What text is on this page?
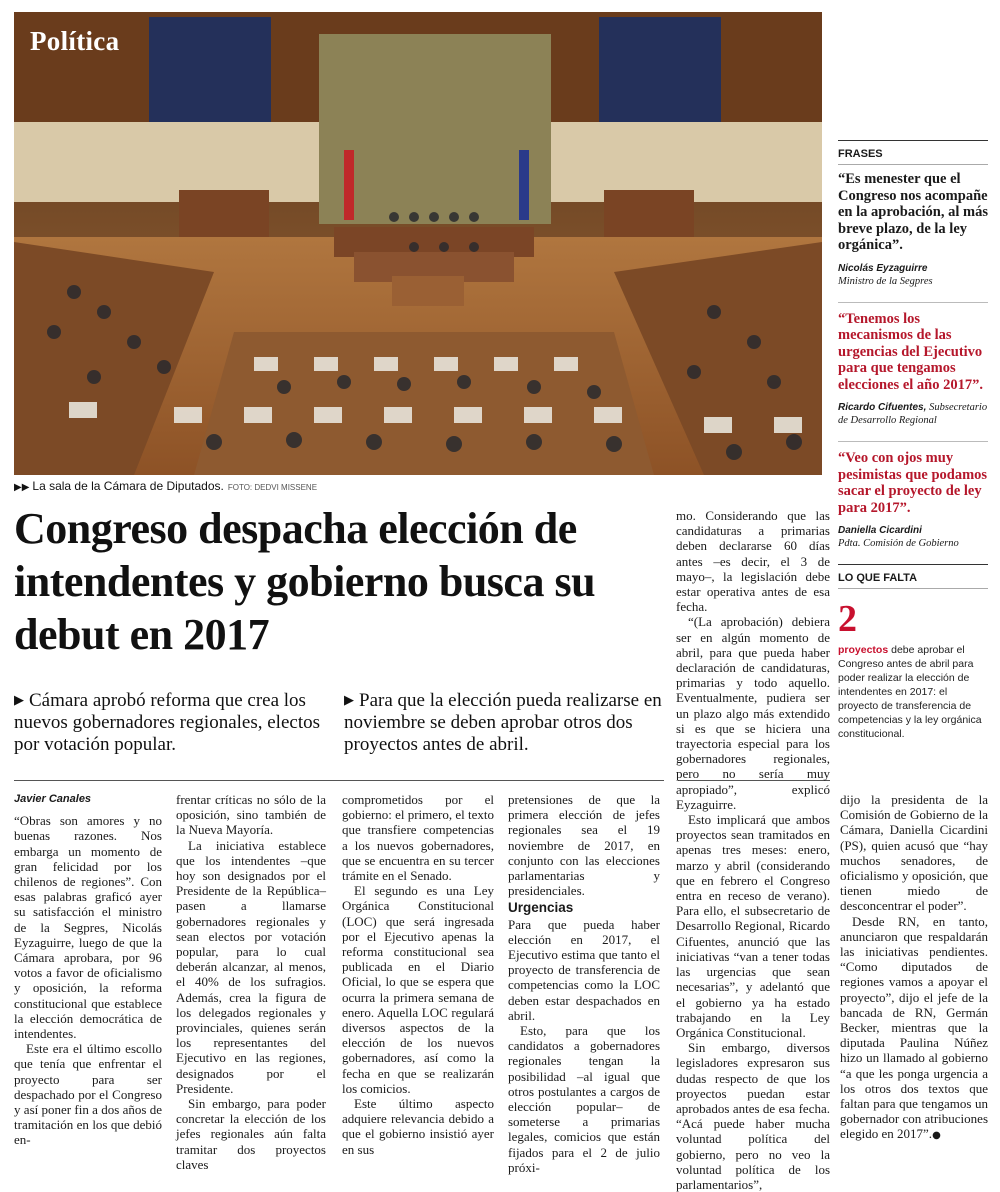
Política
▶▶ La sala de la Cámara de Diputados. FOTO: DEDVI MISSENE
Congreso despacha elección de intendentes y gobierno busca su debut en 2017
▶ Cámara aprobó reforma que crea los nuevos gobernadores regionales, electos por votación popular.
▶ Para que la elección pueda realizarse en noviembre se deben aprobar otros dos proyectos antes de abril.

Javier Canales

“Obras son amores y no buenas razones. Nos embarga un momento de gran felicidad por los chilenos de regiones”. Con esas palabras graficó ayer su satisfacción el ministro de la Segpres, Nicolás Eyzaguirre, luego de que la Cámara aprobara, por 96 votos a favor de oficialismo y oposición, la reforma constitucional que establece la elección democrática de intendentes.

Este era el último escollo que tenía que enfrentar el proyecto para ser despachado por el Congreso y así poner fin a dos años de tramitación en los que debió en-

frentar críticas no sólo de la oposición, sino también de la Nueva Mayoría.

La iniciativa establece que los intendentes –que hoy son designados por el Presidente de la República– pasen a llamarse gobernadores regionales y sean electos por votación popular, para lo cual deberán alcanzar, al menos, el 40% de los sufragios. Además, crea la figura de los delegados regionales y provinciales, quienes serán los representantes del Ejecutivo en las regiones, designados por el Presidente.

Sin embargo, para poder concretar la elección de los jefes regionales aún falta tramitar dos proyectos claves

comprometidos por el gobierno: el primero, el texto que transfiere competencias a los nuevos gobernadores, que se encuentra en su tercer trámite en el Senado.

El segundo es una Ley Orgánica Constitucional (LOC) que será ingresada por el Ejecutivo apenas la reforma constitucional sea publicada en el Diario Oficial, lo que se espera que ocurra la primera semana de enero. Aquella LOC regulará diversos aspectos de la elección de los nuevos gobernadores, así como la fecha en que se realizarán los comicios.

Este último aspecto adquiere relevancia debido a que el gobierno insistió ayer en sus

pretensiones de que la primera elección de jefes regionales sea el 19 noviembre de 2017, en conjunto con las elecciones parlamentarias y presidenciales.

Urgencias

Para que pueda haber elección en 2017, el Ejecutivo estima que tanto el proyecto de transferencia de competencias como la LOC deben estar despachados en abril.

Esto, para que los candidatos a gobernadores regionales tengan la posibilidad –al igual que otros postulantes a cargos de elección popular– de someterse a primarias legales, comicios que están fijados para el 2 de julio próxi-

mo. Considerando que las candidaturas a primarias deben declararse 60 días antes –es decir, el 3 de mayo–, la legislación debe estar operativa antes de esa fecha.

“(La aprobación) debiera ser en algún momento de abril, para que pueda haber declaración de candidaturas, primarias y todo aquello. Eventualmente, pudiera ser un plazo algo más extendido si es que se hiciera una trayectoria especial para los gobernadores regionales, pero no sería muy apropiado”, explicó Eyzaguirre.

Esto implicará que ambos proyectos sean tramitados en apenas tres meses: enero, marzo y abril (considerando que en febrero el Congreso entra en receso de verano). Para ello, el subsecretario de Desarrollo Regional, Ricardo Cifuentes, anunció que las iniciativas “van a tener todas las urgencias que sean necesarias”, y adelantó que el gobierno ya ha estado trabajando en la Ley Orgánica Constitucional.

Sin embargo, diversos legisladores expresaron sus dudas respecto de que los proyectos puedan estar aprobados antes de esa fecha. “Acá puede haber mucha voluntad política del gobierno, pero no veo la voluntad política de los parlamentarios”,

dijo la presidenta de la Comisión de Gobierno de la Cámara, Daniella Cicardini (PS), quien acusó que “hay muchos senadores, de oficialismo y oposición, que tienen miedo de desconcentrar el poder”.

Desde RN, en tanto, anunciaron que respaldarán las iniciativas pendientes. “Como diputados de regiones vamos a apoyar el proyecto”, dijo el jefe de la bancada de RN, Germán Becker, mientras que la diputada Paulina Núñez hizo un llamado al gobierno “a que les ponga urgencia a los otros dos textos que faltan para que tengamos un gobernador con atribuciones elegido en 2017”.●

FRASES

“Es menester que el Congreso nos acompañe en la aprobación, al más breve plazo, de la ley orgánica”.

Nicolás Eyzaguirre
Ministro de la Segpres

“Tenemos los mecanismos de las urgencias del Ejecutivo para que tengamos elecciones el año 2017”.

Ricardo Cifuentes, Subsecretario de Desarrollo Regional

“Veo con ojos muy pesimistas que podamos sacar el proyecto de ley para 2017”.

Daniella Cicardini
Pdta. Comisión de Gobierno

LO QUE FALTA
2
proyectos debe aprobar el Congreso antes de abril para poder realizar la elección de intendentes en 2017: el proyecto de transferencia de competencias y la ley orgánica constitucional.
